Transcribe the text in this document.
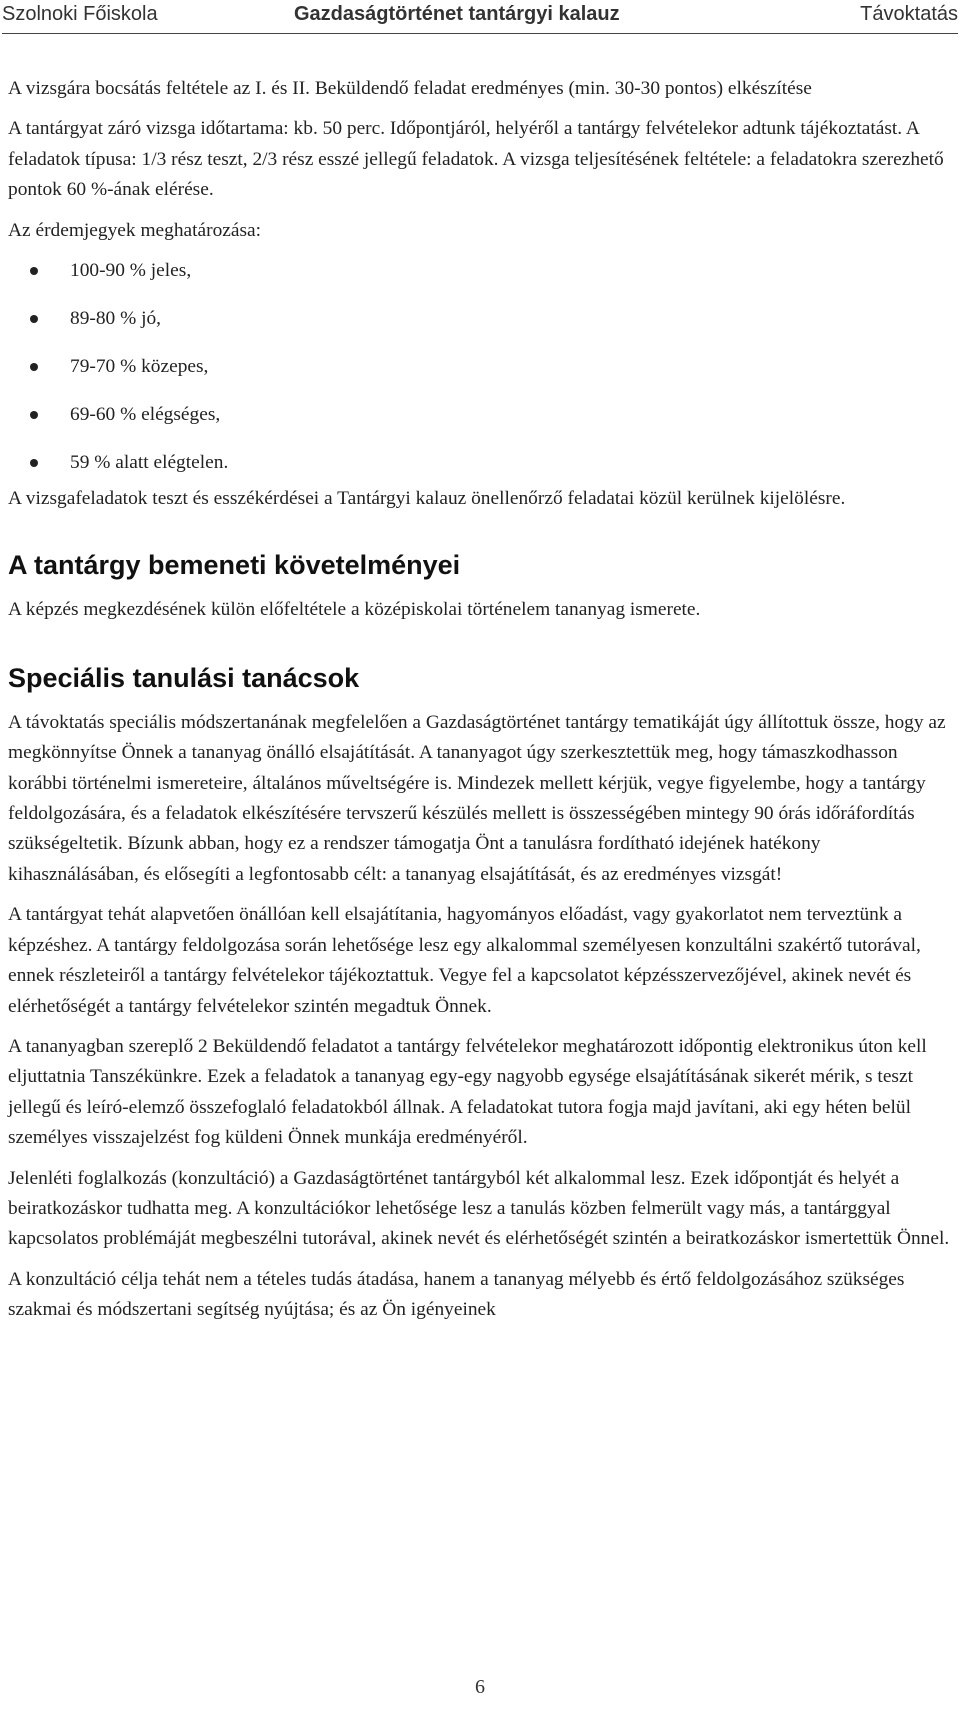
Szolnoki Főiskola	Gazdaságtörténet tantárgyi kalauz	Távoktatás

A vizsgára bocsátás feltétele az I. és II. Beküldendő feladat eredményes (min. 30-30 pontos) elkészítése

A tantárgyat záró vizsga időtartama: kb. 50 perc. Időpontjáról, helyéről a tantárgy felvételekor adtunk tájékoztatást. A feladatok típusa: 1/3 rész teszt, 2/3 rész esszé jellegű feladatok. A vizsga teljesítésének feltétele: a feladatokra szerezhető pontok 60 %-ának elérése.

Az érdemjegyek meghatározása:

100-90 % jeles,
89-80 % jó,
79-70 % közepes,
69-60 % elégséges,
59 % alatt elégtelen.

A vizsgafeladatok teszt és esszékérdései a Tantárgyi kalauz önellenőrző feladatai közül kerülnek kijelölésre.

A tantárgy bemeneti követelményei

A képzés megkezdésének külön előfeltétele a középiskolai történelem tananyag ismerete.

Speciális tanulási tanácsok

A távoktatás speciális módszertanának megfelelően a Gazdaságtörténet tantárgy tematikáját úgy állítottuk össze, hogy az megkönnyítse Önnek a tananyag önálló elsajátítását. A tananyagot úgy szerkesztettük meg, hogy támaszkodhasson korábbi történelmi ismereteire, általános műveltségére is. Mindezek mellett kérjük, vegye figyelembe, hogy a tantárgy feldolgozására, és a feladatok elkészítésére tervszerű készülés mellett is összességében mintegy 90 órás időráfordítás szükségeltetik. Bízunk abban, hogy ez a rendszer támogatja Önt a tanulásra fordítható idejének hatékony kihasználásában, és elősegíti a legfontosabb célt: a tananyag elsajátítását, és az eredményes vizsgát!

A tantárgyat tehát alapvetően önállóan kell elsajátítania, hagyományos előadást, vagy gyakorlatot nem terveztünk a képzéshez. A tantárgy feldolgozása során lehetősége lesz egy alkalommal személyesen konzultálni szakértő tutorával, ennek részleteiről a tantárgy felvételekor tájékoztattuk. Vegye fel a kapcsolatot képzésszervezőjével, akinek nevét és elérhetőségét a tantárgy felvételekor szintén megadtuk Önnek.

A tananyagban szereplő 2 Beküldendő feladatot a tantárgy felvételekor meghatározott időpontig elektronikus úton kell eljuttatnia Tanszékünkre. Ezek a feladatok a tananyag egy-egy nagyobb egysége elsajátításának sikerét mérik, s teszt jellegű és leíró-elemző összefoglaló feladatokból állnak. A feladatokat tutora fogja majd javítani, aki egy héten belül személyes visszajelzést fog küldeni Önnek munkája eredményéről.

Jelenléti foglalkozás (konzultáció) a Gazdaságtörténet tantárgyból két alkalommal lesz. Ezek időpontját és helyét a beiratkozáskor tudhatta meg. A konzultációkor lehetősége lesz a tanulás közben felmerült vagy más, a tantárggyal kapcsolatos problémáját megbeszélni tutorával, akinek nevét és elérhetőségét szintén a beiratkozáskor ismertettük Önnel.

A konzultáció célja tehát nem a tételes tudás átadása, hanem a tananyag mélyebb és értő feldolgozásához szükséges szakmai és módszertani segítség nyújtása; és az Ön igényeinek

6
